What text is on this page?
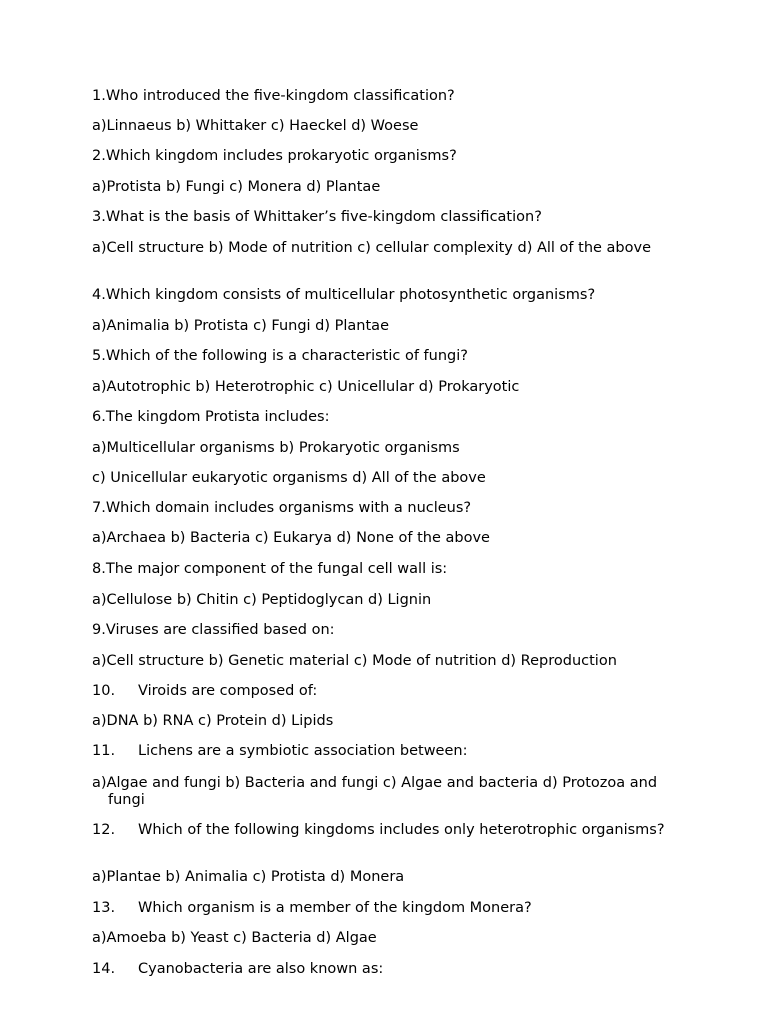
1.Who introduced the five-kingdom classification?
a)Linnaeus b) Whittaker c) Haeckel d) Woese
2.Which kingdom includes prokaryotic organisms?
a)Protista b) Fungi c) Monera d) Plantae
3.What is the basis of Whittaker’s five-kingdom classification?
a)Cell structure b) Mode of nutrition c) cellular complexity d) All of the above
4.Which kingdom consists of multicellular photosynthetic organisms?
a)Animalia b) Protista c) Fungi d) Plantae
5.Which of the following is a characteristic of fungi?
a)Autotrophic b) Heterotrophic c) Unicellular d) Prokaryotic
6.The kingdom Protista includes:
a)Multicellular organisms b) Prokaryotic organisms
c) Unicellular eukaryotic organisms d) All of the above
7.Which domain includes organisms with a nucleus?
a)Archaea b) Bacteria c) Eukarya d) None of the above
8.The major component of the fungal cell wall is:
a)Cellulose b) Chitin c) Peptidoglycan d) Lignin
9.Viruses are classified based on:
a)Cell structure b) Genetic material c) Mode of nutrition d) Reproduction
10. Viroids are composed of:
a)DNA b) RNA c) Protein d) Lipids
11. Lichens are a symbiotic association between:
a)Algae and fungi b) Bacteria and fungi c) Algae and bacteria d) Protozoa and fungi
12. Which of the following kingdoms includes only heterotrophic organisms?
a)Plantae b) Animalia c) Protista d) Monera
13. Which organism is a member of the kingdom Monera?
a)Amoeba b) Yeast c) Bacteria d) Algae
14. Cyanobacteria are also known as:
